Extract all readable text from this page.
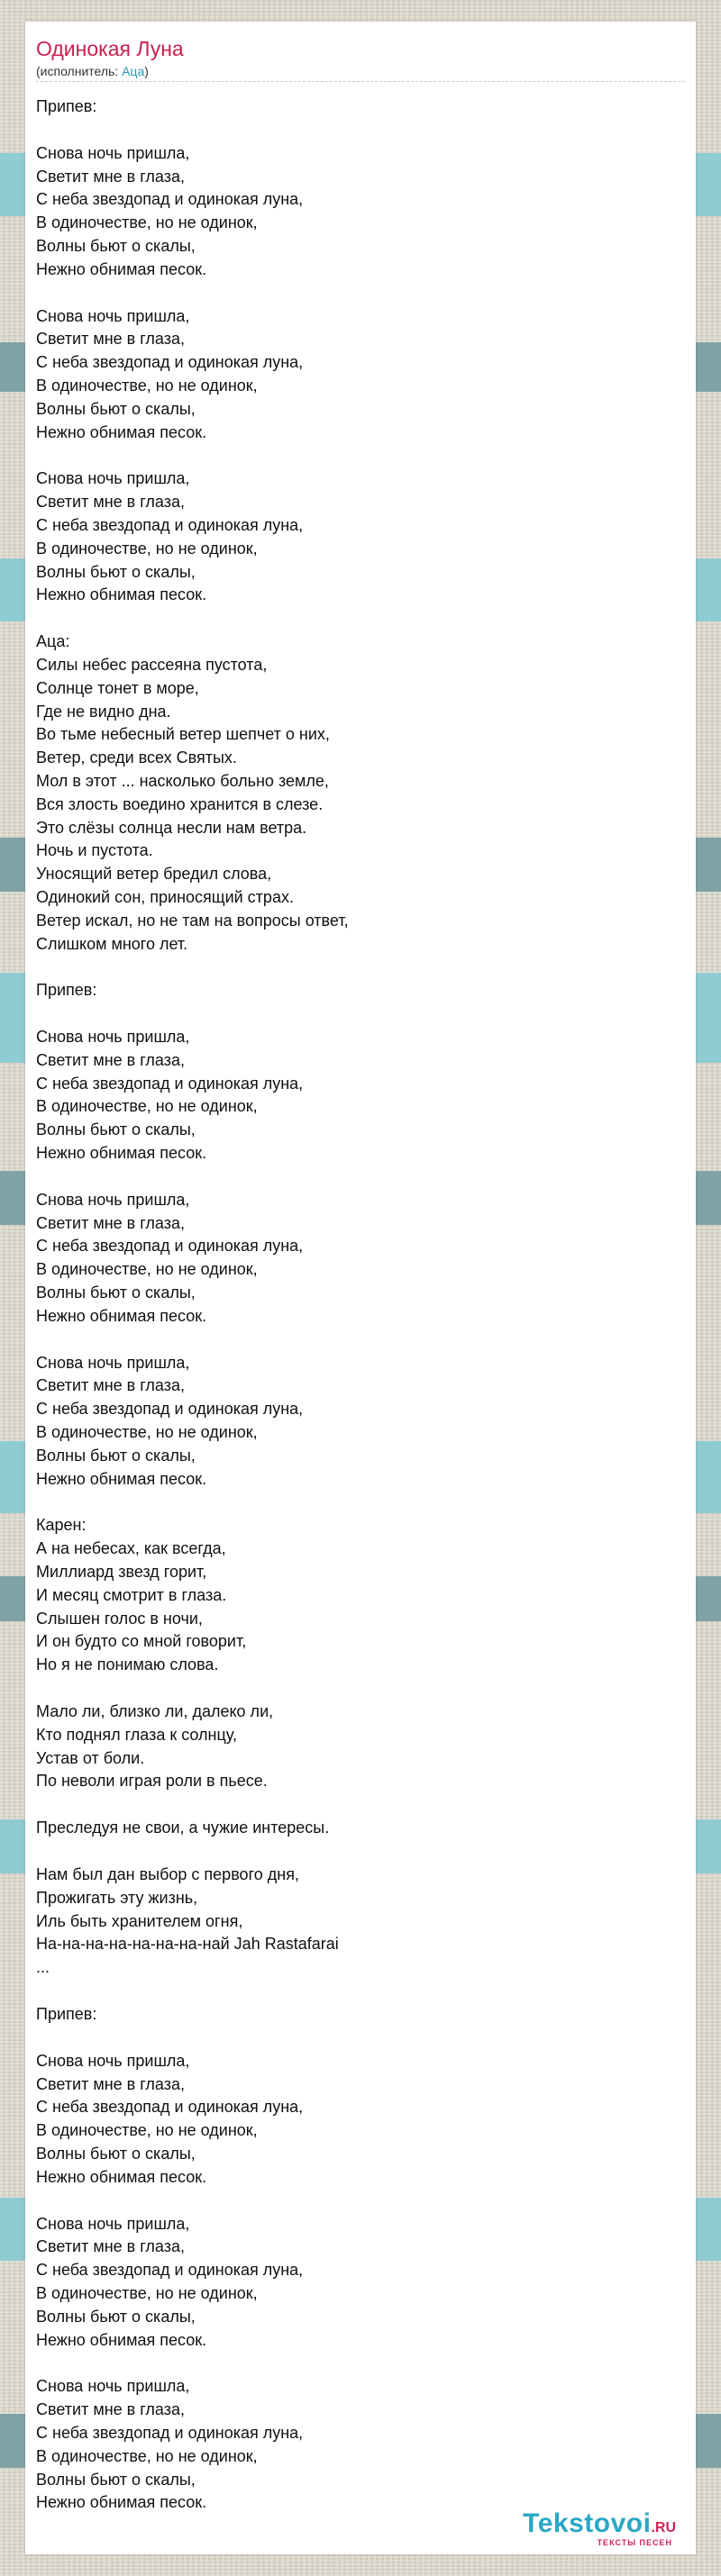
Одинокая Луна
(исполнитель: Аца)
Припев:
Снова ночь пришла,
Светит мне в глаза,
С неба звездопад и одинокая луна,
В одиночестве, но не одинок,
Волны бьют о скалы,
Нежно обнимая песок.
Снова ночь пришла,
Светит мне в глаза,
С неба звездопад и одинокая луна,
В одиночестве, но не одинок,
Волны бьют о скалы,
Нежно обнимая песок.
Снова ночь пришла,
Светит мне в глаза,
С неба звездопад и одинокая луна,
В одиночестве, но не одинок,
Волны бьют о скалы,
Нежно обнимая песок.
Аца:
Силы небес рассеяна пустота,
Солнце тонет в море,
Где не видно дна.
Во тьме небесный ветер шепчет о них,
Ветер, среди всех Святых.
Мол в этот ... насколько больно земле,
Вся злость воедино хранится в слезе.
Это слёзы солнца несли нам ветра.
Ночь и пустота.
Уносящий ветер бредил слова,
Одинокий сон, приносящий страх.
Ветер искал, но не там на вопросы ответ,
Слишком много лет.
Припев:
Снова ночь пришла,
Светит мне в глаза,
С неба звездопад и одинокая луна,
В одиночестве, но не одинок,
Волны бьют о скалы,
Нежно обнимая песок.
Снова ночь пришла,
Светит мне в глаза,
С неба звездопад и одинокая луна,
В одиночестве, но не одинок,
Волны бьют о скалы,
Нежно обнимая песок.
Снова ночь пришла,
Светит мне в глаза,
С неба звездопад и одинокая луна,
В одиночестве, но не одинок,
Волны бьют о скалы,
Нежно обнимая песок.
Карен:
А на небесах, как всегда,
Миллиард звезд горит,
И месяц смотрит в глаза.
Слышен голос в ночи,
И он будто со мной говорит,
Но я не понимаю слова.
Мало ли, близко ли, далеко ли,
Кто поднял глаза к солнцу,
Устав от боли.
По неволи играя роли в пьесе.
Преследуя не свои, а чужие интересы.
Нам был дан выбор с первого дня,
Прожигать эту жизнь,
Иль быть хранителем огня,
На-на-на-на-на-на-на-най Jah Rastafarai
...
Припев:
Снова ночь пришла,
Светит мне в глаза,
С неба звездопад и одинокая луна,
В одиночестве, но не одинок,
Волны бьют о скалы,
Нежно обнимая песок.
Снова ночь пришла,
Светит мне в глаза,
С неба звездопад и одинокая луна,
В одиночестве, но не одинок,
Волны бьют о скалы,
Нежно обнимая песок.
Снова ночь пришла,
Светит мне в глаза,
С неба звездопад и одинокая луна,
В одиночестве, но не одинок,
Волны бьют о скалы,
Нежно обнимая песок.
Tekstovoi.RU
ТЕКСТЫ ПЕСЕН
